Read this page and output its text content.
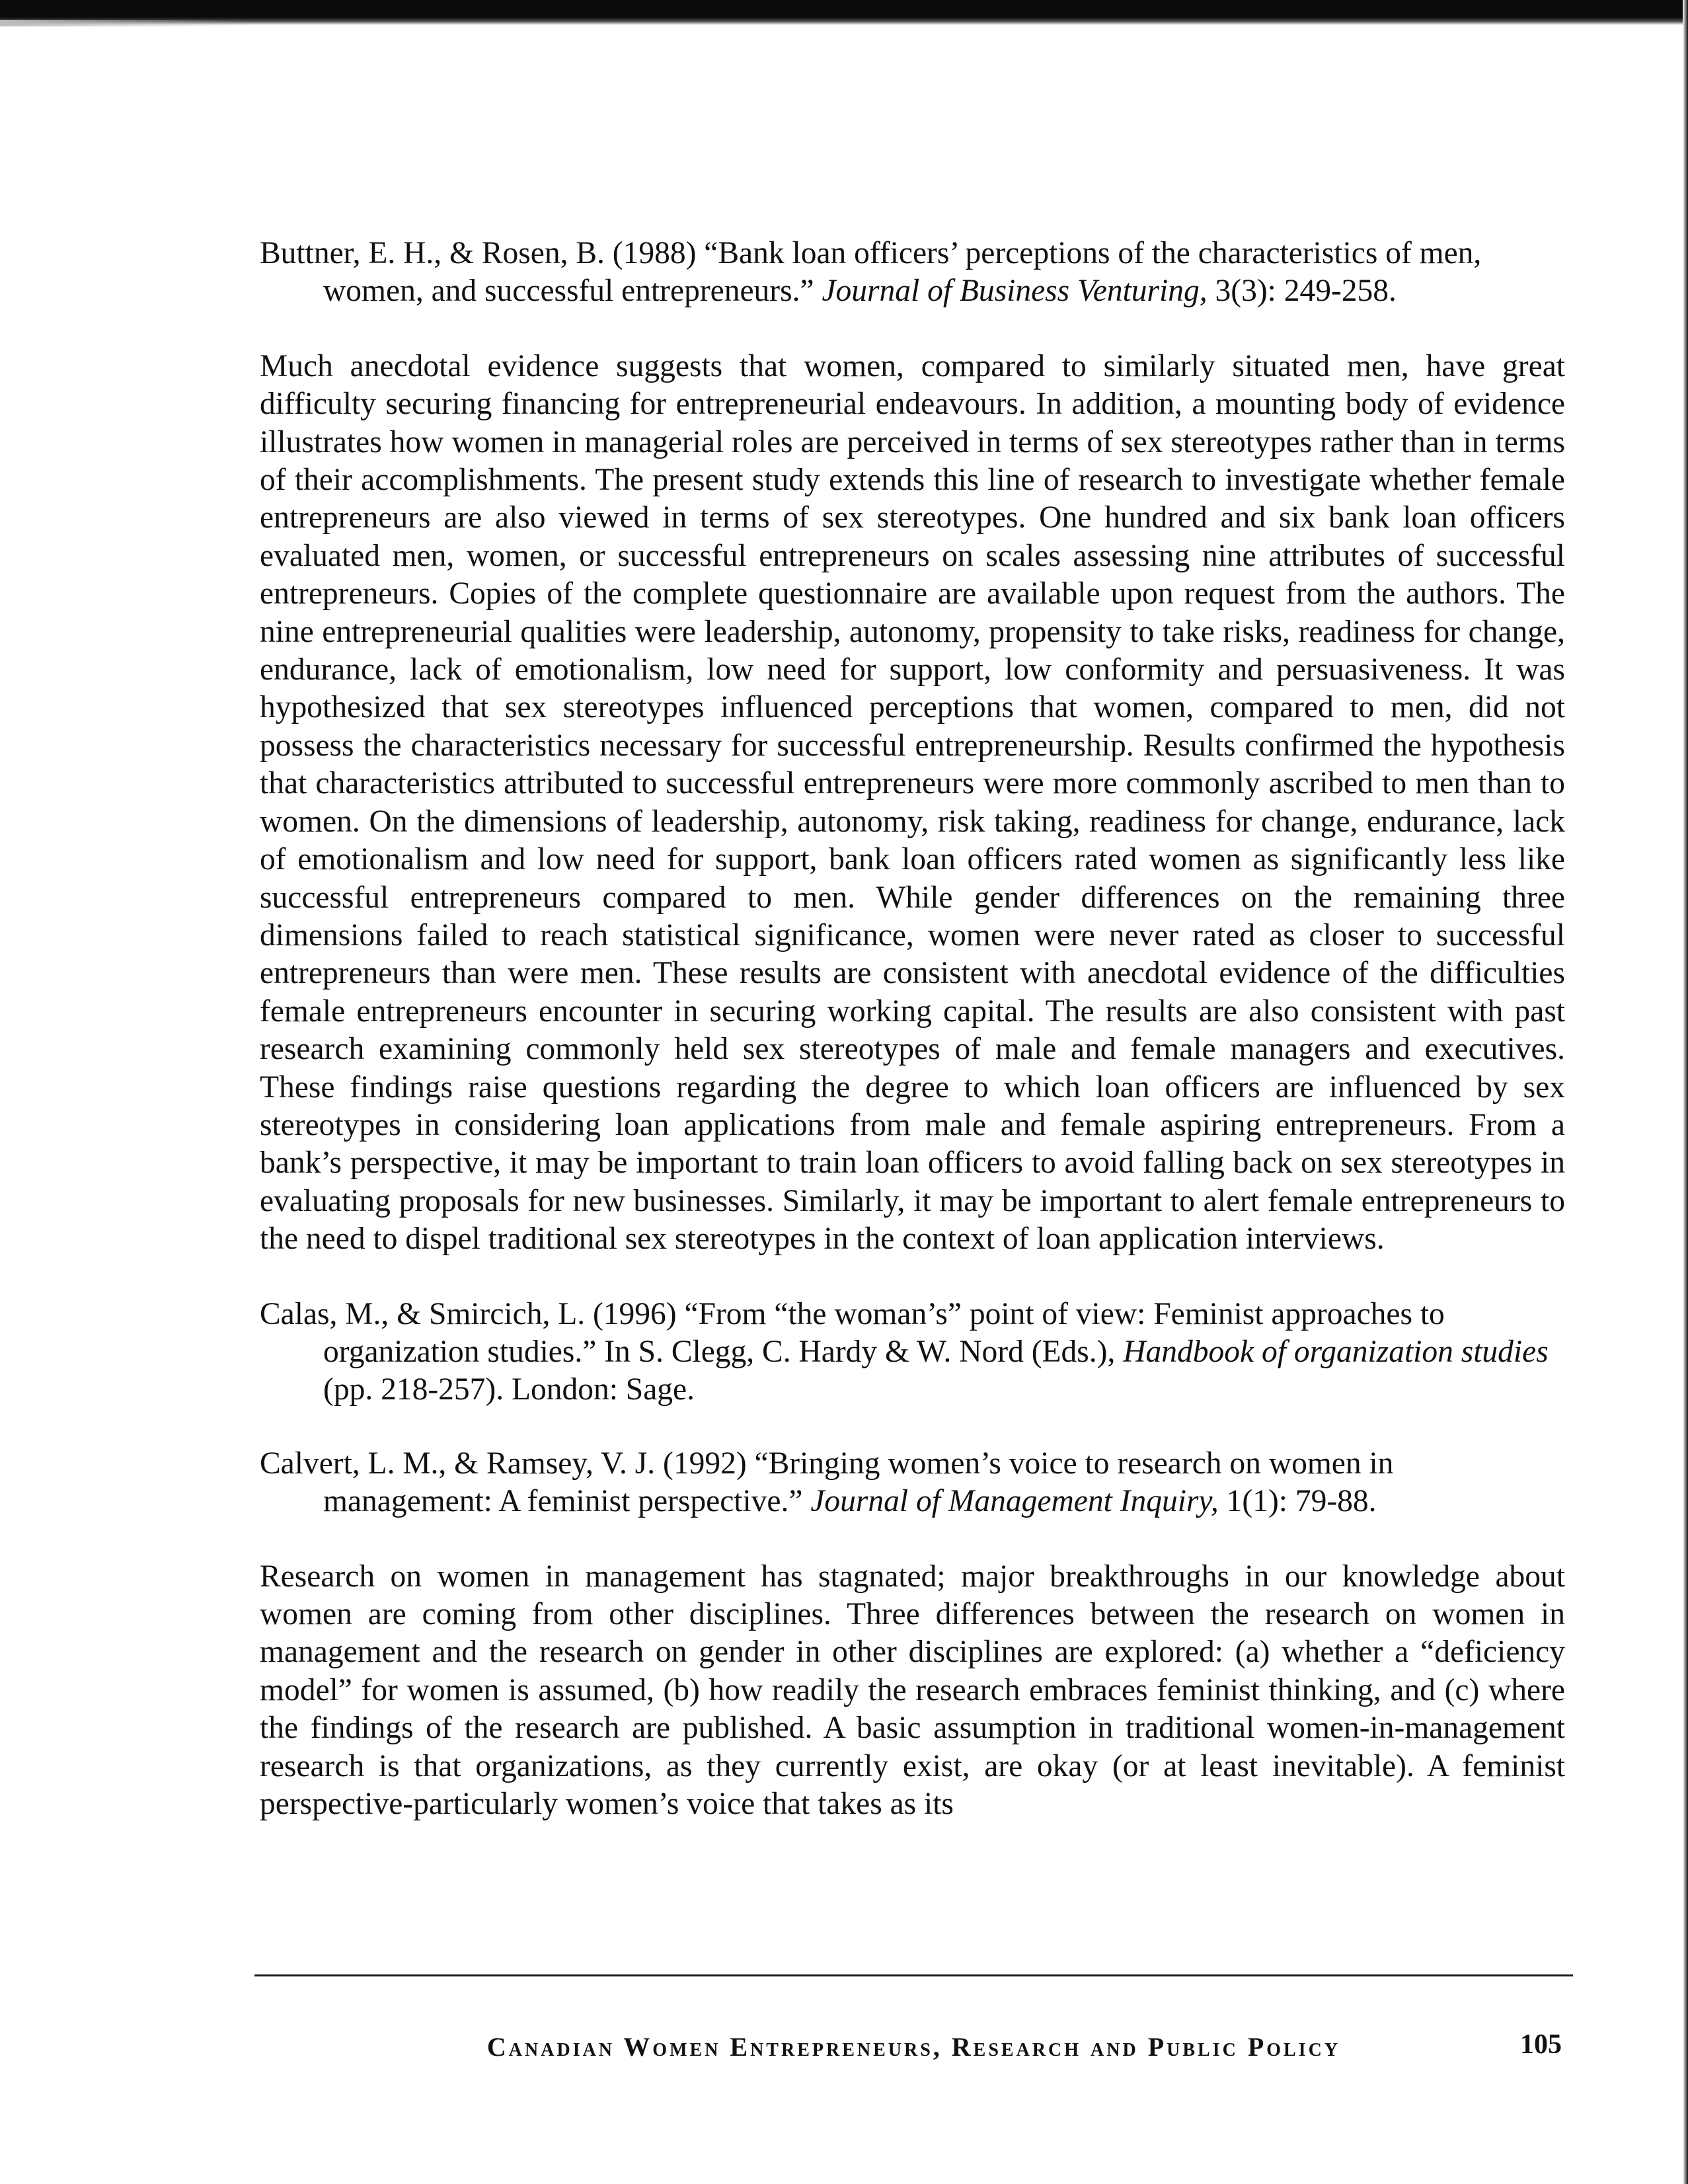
Buttner, E. H., & Rosen, B. (1988) “Bank loan officers’ perceptions of the characteristics of men, women, and successful entrepreneurs.” Journal of Business Venturing, 3(3): 249-258.

Much anecdotal evidence suggests that women, compared to similarly situated men, have great difficulty securing financing for entrepreneurial endeavours. In addition, a mounting body of evidence illustrates how women in managerial roles are perceived in terms of sex stereotypes rather than in terms of their accomplishments. The present study extends this line of research to investigate whether female entrepreneurs are also viewed in terms of sex stereotypes. One hundred and six bank loan officers evaluated men, women, or successful entrepreneurs on scales assessing nine attributes of successful entrepreneurs. Copies of the complete questionnaire are available upon request from the authors. The nine entrepreneurial qualities were leadership, autonomy, propensity to take risks, readiness for change, endurance, lack of emotionalism, low need for support, low conformity and persuasiveness. It was hypothesized that sex stereotypes influenced perceptions that women, compared to men, did not possess the characteristics necessary for successful entrepreneurship. Results confirmed the hypothesis that characteristics attributed to successful entrepreneurs were more commonly ascribed to men than to women. On the dimensions of leadership, autonomy, risk taking, readiness for change, endurance, lack of emotionalism and low need for support, bank loan officers rated women as significantly less like successful entrepreneurs compared to men. While gender differences on the remaining three dimensions failed to reach statistical significance, women were never rated as closer to successful entrepreneurs than were men. These results are consistent with anecdotal evidence of the difficulties female entrepreneurs encounter in securing working capital. The results are also consistent with past research examining commonly held sex stereotypes of male and female managers and executives. These findings raise questions regarding the degree to which loan officers are influenced by sex stereotypes in considering loan applications from male and female aspiring entrepreneurs. From a bank’s perspective, it may be important to train loan officers to avoid falling back on sex stereotypes in evaluating proposals for new businesses. Similarly, it may be important to alert female entrepreneurs to the need to dispel traditional sex stereotypes in the context of loan application interviews.

Calas, M., & Smircich, L. (1996) “From “the woman’s” point of view: Feminist approaches to organization studies.” In S. Clegg, C. Hardy & W. Nord (Eds.), Handbook of organization studies (pp. 218-257). London: Sage.

Calvert, L. M., & Ramsey, V. J. (1992) “Bringing women’s voice to research on women in management: A feminist perspective.” Journal of Management Inquiry, 1(1): 79-88.

Research on women in management has stagnated; major breakthroughs in our knowledge about women are coming from other disciplines. Three differences between the research on women in management and the research on gender in other disciplines are explored: (a) whether a “deficiency model” for women is assumed, (b) how readily the research embraces feminist thinking, and (c) where the findings of the research are published. A basic assumption in traditional women-in-management research is that organizations, as they currently exist, are okay (or at least inevitable). A feminist perspective-particularly women’s voice that takes as its

Canadian Women Entrepreneurs, Research and Public Policy	105
